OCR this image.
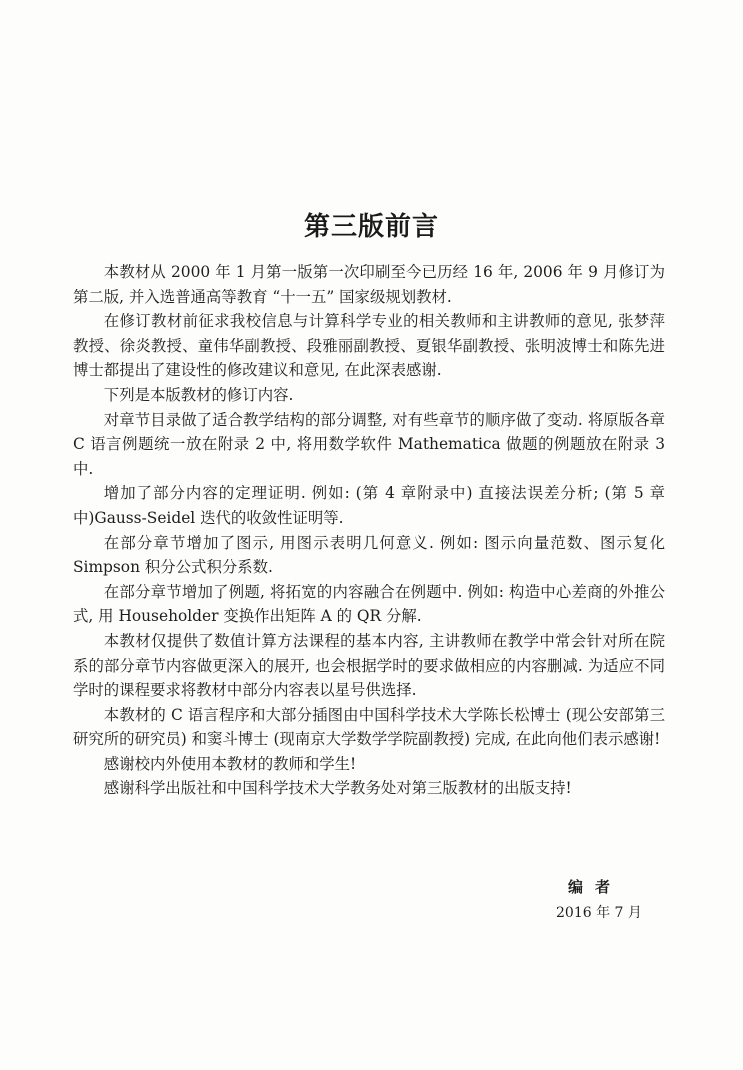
第三版前言

本教材从 2000 年 1 月第一版第一次印刷至今已历经 16 年, 2006 年 9 月修订为第二版, 并入选普通高等教育 “十一五” 国家级规划教材.

在修订教材前征求我校信息与计算科学专业的相关教师和主讲教师的意见, 张梦萍教授、徐炎教授、童伟华副教授、段雅丽副教授、夏银华副教授、张明波博士和陈先进博士都提出了建设性的修改建议和意见, 在此深表感谢.

下列是本版教材的修订内容.

对章节目录做了适合教学结构的部分调整, 对有些章节的顺序做了变动. 将原版各章 C 语言例题统一放在附录 2 中, 将用数学软件 Mathematica 做题的例题放在附录 3 中.

增加了部分内容的定理证明. 例如: (第 4 章附录中) 直接法误差分析; (第 5 章中)Gauss-Seidel 迭代的收敛性证明等.

在部分章节增加了图示, 用图示表明几何意义. 例如: 图示向量范数、图示复化 Simpson 积分公式积分系数.

在部分章节增加了例题, 将拓宽的内容融合在例题中. 例如: 构造中心差商的外推公式, 用 Householder 变换作出矩阵 A 的 QR 分解.

本教材仅提供了数值计算方法课程的基本内容, 主讲教师在教学中常会针对所在院系的部分章节内容做更深入的展开, 也会根据学时的要求做相应的内容删减. 为适应不同学时的课程要求将教材中部分内容表以星号供选择.

本教材的 C 语言程序和大部分插图由中国科学技术大学陈长松博士 (现公安部第三研究所的研究员) 和窦斗博士 (现南京大学数学学院副教授) 完成, 在此向他们表示感谢!

感谢校内外使用本教材的教师和学生!

感谢科学出版社和中国科学技术大学教务处对第三版教材的出版支持!

编者

2016 年 7 月
